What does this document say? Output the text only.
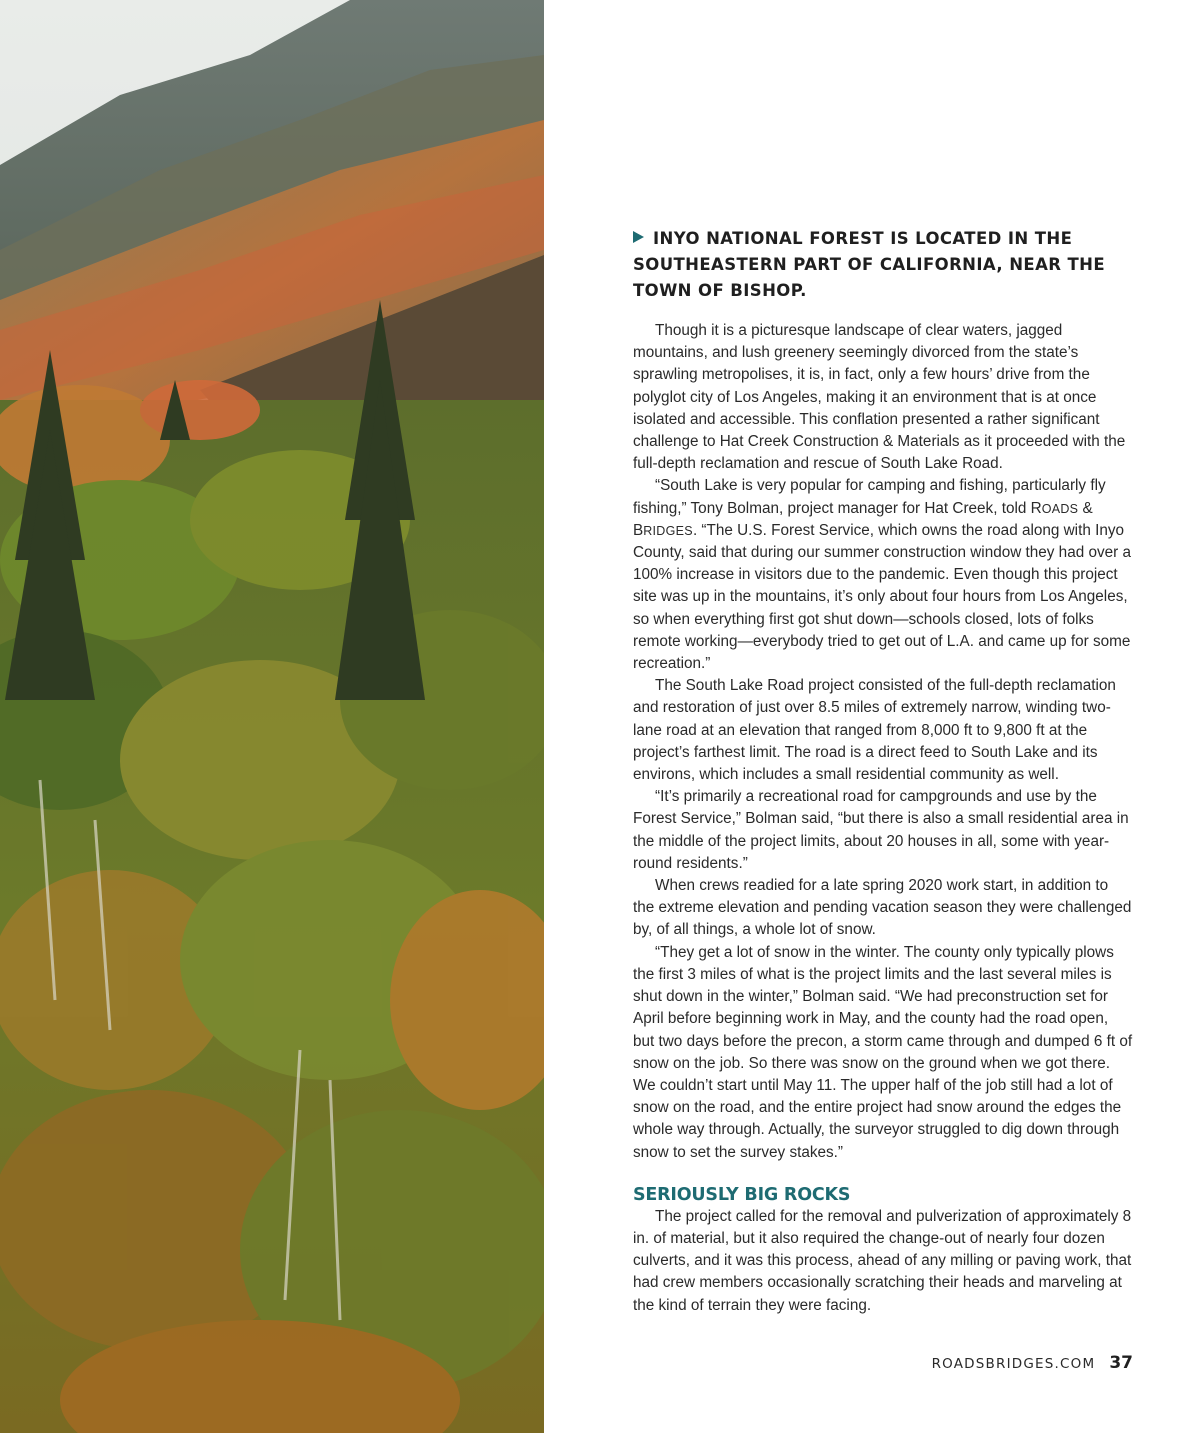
INYO NATIONAL FOREST IS LOCATED IN THE SOUTHEASTERN PART OF CALIFORNIA, NEAR THE TOWN OF BISHOP.

Though it is a picturesque landscape of clear waters, jagged mountains, and lush greenery seemingly divorced from the state’s sprawling metropolises, it is, in fact, only a few hours’ drive from the polyglot city of Los Angeles, making it an environment that is at once isolated and accessible. This conflation presented a rather significant challenge to Hat Creek Construction & Materials as it proceeded with the full-depth reclamation and rescue of South Lake Road.

“South Lake is very popular for camping and fishing, particularly fly fishing,” Tony Bolman, project manager for Hat Creek, told ROADS & BRIDGES. “The U.S. Forest Service, which owns the road along with Inyo County, said that during our summer construction window they had over a 100% increase in visitors due to the pandemic. Even though this project site was up in the mountains, it’s only about four hours from Los Angeles, so when everything first got shut down—schools closed, lots of folks remote working—everybody tried to get out of L.A. and came up for some recreation.”

The South Lake Road project consisted of the full-depth reclamation and restoration of just over 8.5 miles of extremely narrow, winding two-lane road at an elevation that ranged from 8,000 ft to 9,800 ft at the project’s farthest limit. The road is a direct feed to South Lake and its environs, which includes a small residential community as well.

“It’s primarily a recreational road for campgrounds and use by the Forest Service,” Bolman said, “but there is also a small residential area in the middle of the project limits, about 20 houses in all, some with year-round residents.”

When crews readied for a late spring 2020 work start, in addition to the extreme elevation and pending vacation season they were challenged by, of all things, a whole lot of snow.

“They get a lot of snow in the winter. The county only typically plows the first 3 miles of what is the project limits and the last several miles is shut down in the winter,” Bolman said. “We had preconstruction set for April before beginning work in May, and the county had the road open, but two days before the precon, a storm came through and dumped 6 ft of snow on the job. So there was snow on the ground when we got there. We couldn’t start until May 11. The upper half of the job still had a lot of snow on the road, and the entire project had snow around the edges the whole way through. Actually, the surveyor struggled to dig down through snow to set the survey stakes.”

SERIOUSLY BIG ROCKS

The project called for the removal and pulverization of approximately 8 in. of material, but it also required the change-out of nearly four dozen culverts, and it was this process, ahead of any milling or paving work, that had crew members occasionally scratching their heads and marveling at the kind of terrain they were facing.

ROADSBRIDGES.COM 37
